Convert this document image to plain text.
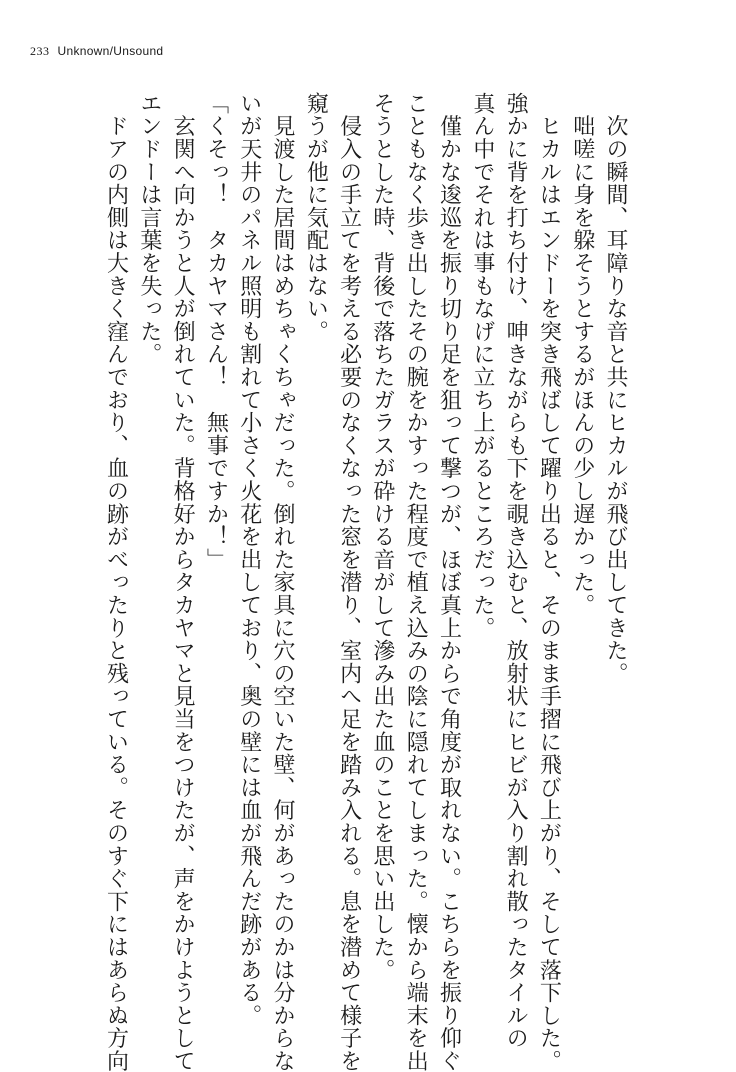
233 Unknown/Unsound
　次の瞬間、耳障りな音と共にヒカルが飛び出してきた。
　咄嗟に身を躱そうとするがほんの少し遅かった。
　ヒカルはエンドーを突き飛ばして躍り出ると、そのまま手摺に飛び上がり、そして落下した。
強かに背を打ち付け、呻きながらも下を覗き込むと、放射状にヒビが入り割れ散ったタイルの
真ん中でそれは事もなげに立ち上がるところだった。
　僅かな逡巡を振り切り足を狙って撃つが、ほぼ真上からで角度が取れない。こちらを振り仰ぐ
こともなく歩き出したその腕をかすった程度で植え込みの陰に隠れてしまった。懐から端末を出
そうとした時、背後で落ちたガラスが砕ける音がして滲み出た血のことを思い出した。
　侵入の手立てを考える必要のなくなった窓を潜り、室内へ足を踏み入れる。息を潜めて様子を
窺うが他に気配はない。
　見渡した居間はめちゃくちゃだった。倒れた家具に穴の空いた壁、何があったのかは分からな
いが天井のパネル照明も割れて小さく火花を出しており、奥の壁には血が飛んだ跡がある。
「くそっ！　タカヤマさん！　無事ですか！」
　玄関へ向かうと人が倒れていた。背格好からタカヤマと見当をつけたが、声をかけようとして
エンドーは言葉を失った。
　ドアの内側は大きく窪んでおり、血の跡がべったりと残っている。そのすぐ下にはあらぬ方向
